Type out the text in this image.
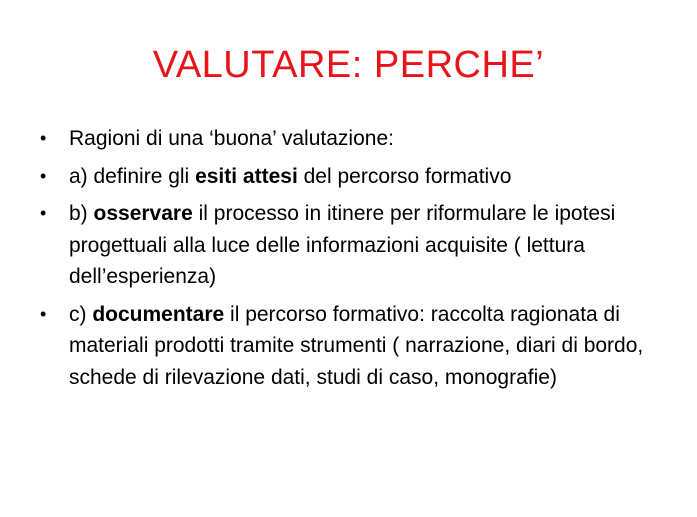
VALUTARE: PERCHE’
• Ragioni di una ‘buona’ valutazione:
• a) definire gli esiti attesi del percorso formativo
• b) osservare il processo in itinere per riformulare le ipotesi progettuali alla luce delle informazioni acquisite ( lettura dell’esperienza)
• c) documentare il percorso formativo: raccolta ragionata di materiali prodotti tramite strumenti ( narrazione, diari di bordo, schede di rilevazione dati, studi di caso, monografie)
